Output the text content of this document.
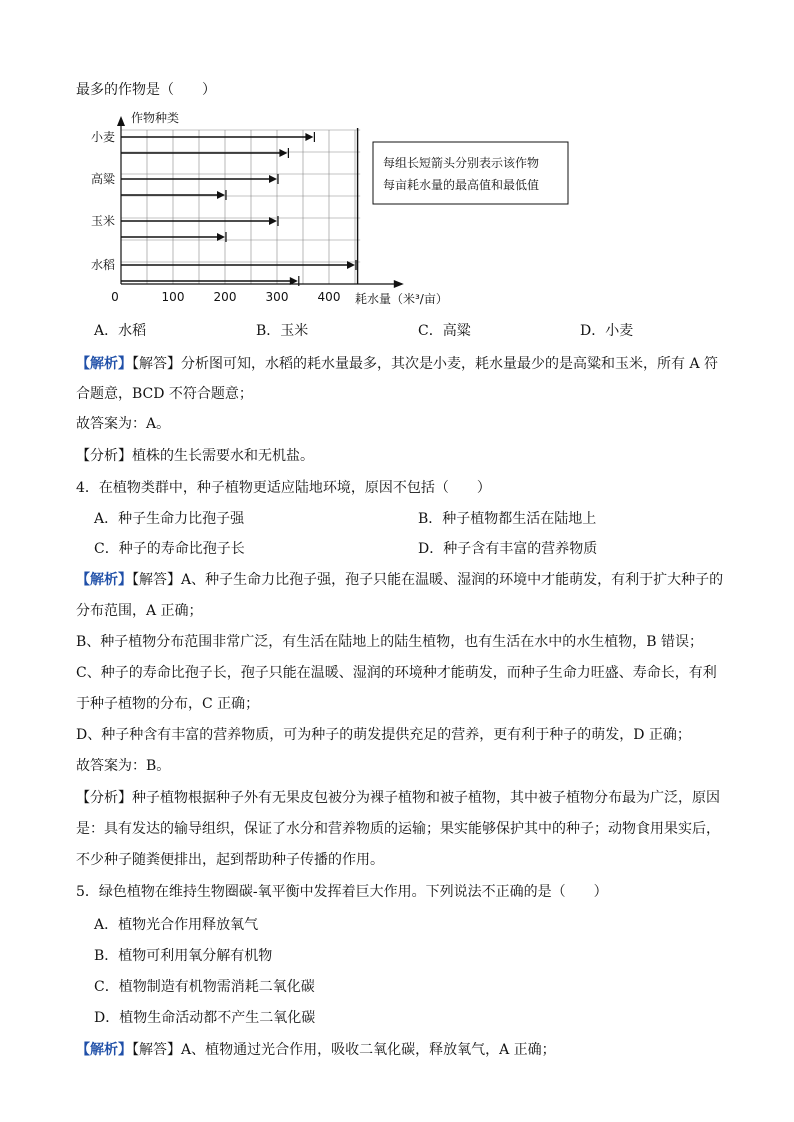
最多的作物是（　　）
作物种类
耗水量（米³/亩）
0	100 200 300 400
小麦
高粱
玉米
水稻
每组长短箭头分别表示该作物
每亩耗水量的最高值和最低值
A．水稻	B．玉米	C．高粱	D．小麦
【解析】【解答】分析图可知，水稻的耗水量最多，其次是小麦，耗水量最少的是高粱和玉米，所有 A 符
合题意，BCD 不符合题意；
故答案为：A。
【分析】植株的生长需要水和无机盐。
4．在植物类群中，种子植物更适应陆地环境，原因不包括（　　）
A．种子生命力比孢子强	B．种子植物都生活在陆地上
C．种子的寿命比孢子长	D．种子含有丰富的营养物质
【解析】【解答】A、种子生命力比孢子强，孢子只能在温暖、湿润的环境中才能萌发，有利于扩大种子的
分布范围，A 正确；
B、种子植物分布范围非常广泛，有生活在陆地上的陆生植物，也有生活在水中的水生植物，B 错误；
C、种子的寿命比孢子长，孢子只能在温暖、湿润的环境种才能萌发，而种子生命力旺盛、寿命长，有利
于种子植物的分布，C 正确；
D、种子种含有丰富的营养物质，可为种子的萌发提供充足的营养，更有利于种子的萌发，D 正确；
故答案为：B。
【分析】种子植物根据种子外有无果皮包被分为裸子植物和被子植物，其中被子植物分布最为广泛，原因
是：具有发达的输导组织，保证了水分和营养物质的运输；果实能够保护其中的种子；动物食用果实后，
不少种子随粪便排出，起到帮助种子传播的作用。
5．绿色植物在维持生物圈碳-氧平衡中发挥着巨大作用。下列说法不正确的是（　　）
A．植物光合作用释放氧气
B．植物可利用氧分解有机物
C．植物制造有机物需消耗二氧化碳
D．植物生命活动都不产生二氧化碳
【解析】【解答】A、植物通过光合作用，吸收二氧化碳，释放氧气，A 正确；
